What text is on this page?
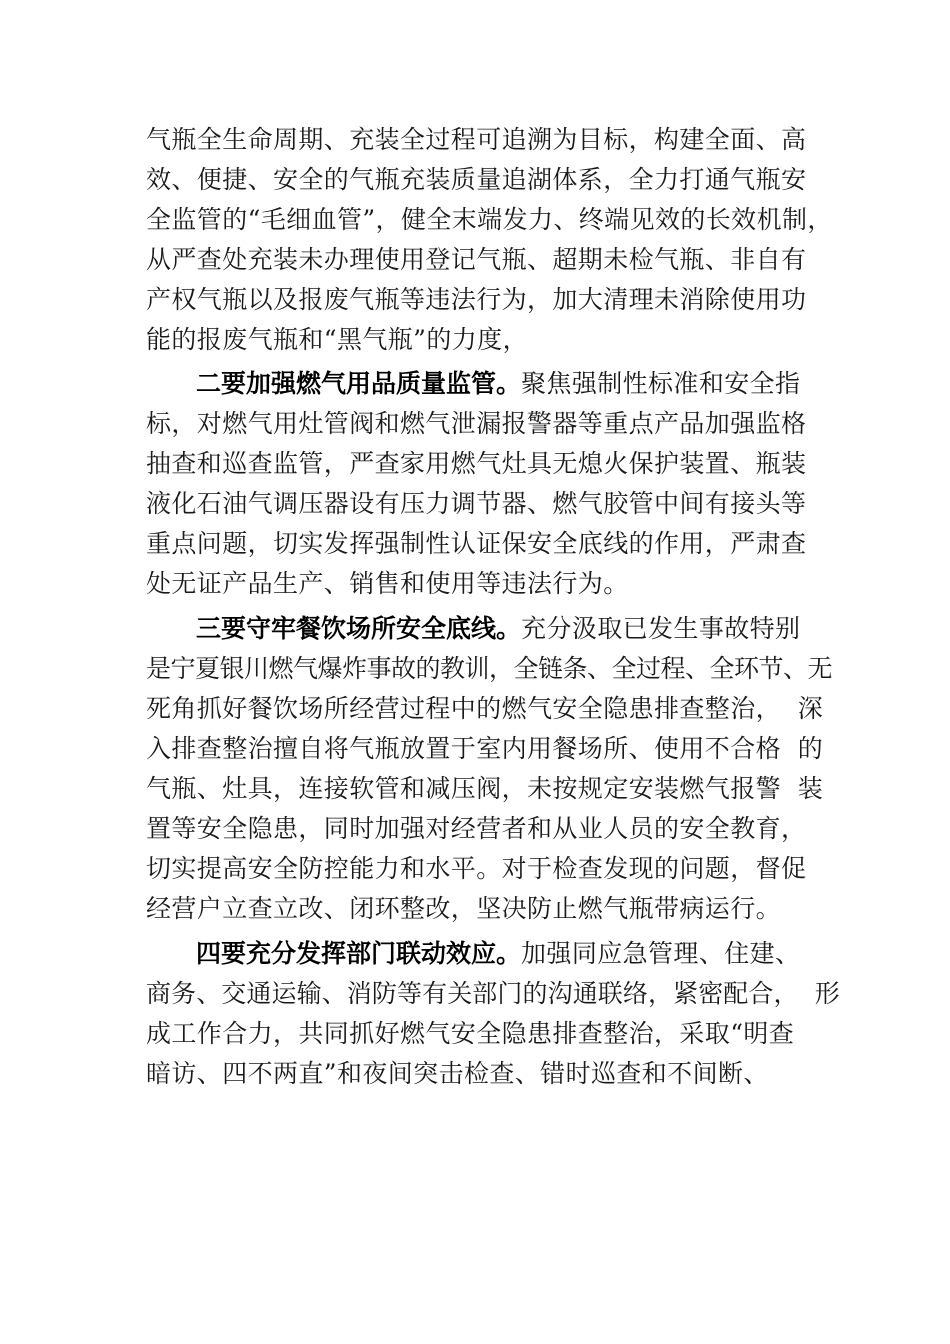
气瓶全生命周期、充装全过程可追溯为目标，构建全面、高
效、便捷、安全的气瓶充装质量追湖体系，全力打通气瓶安
全监管的“毛细血管”，健全末端发力、终端见效的长效机制，
从严查处充装未办理使用登记气瓶、超期未检气瓶、非自有
产权气瓶以及报废气瓶等违法行为，加大清理未消除使用功
能的报废气瓶和“黑气瓶”的力度，
二要加强燃气用品质量监管。聚焦强制性标准和安全指
标，对燃气用灶管阀和燃气泄漏报警器等重点产品加强监格
抽查和巡查监管，严查家用燃气灶具无熄火保护装置、瓶装
液化石油气调压器设有压力调节器、燃气胶管中间有接头等
重点问题，切实发挥强制性认证保安全底线的作用，严肃查
处无证产品生产、销售和使用等违法行为。
三要守牢餐饮场所安全底线。充分汲取已发生事故特别
是宁夏银川燃气爆炸事故的教训，全链条、全过程、全环节、无
死角抓好餐饮场所经营过程中的燃气安全隐患排查整治，  深
入排查整治擅自将气瓶放置于室内用餐场所、使用不合格  的
气瓶、灶具，连接软管和减压阀，未按规定安装燃气报警  装
置等安全隐患，同时加强对经营者和从业人员的安全教育，
切实提高安全防控能力和水平。对于检查发现的问题，督促
经营户立查立改、闭环整改，坚决防止燃气瓶带病运行。
四要充分发挥部门联动效应。加强同应急管理、住建、
商务、交通运输、消防等有关部门的沟通联络，紧密配合，  形
成工作合力，共同抓好燃气安全隐患排查整治，采取“明查
暗访、四不两直”和夜间突击检查、错时巡查和不间断、
